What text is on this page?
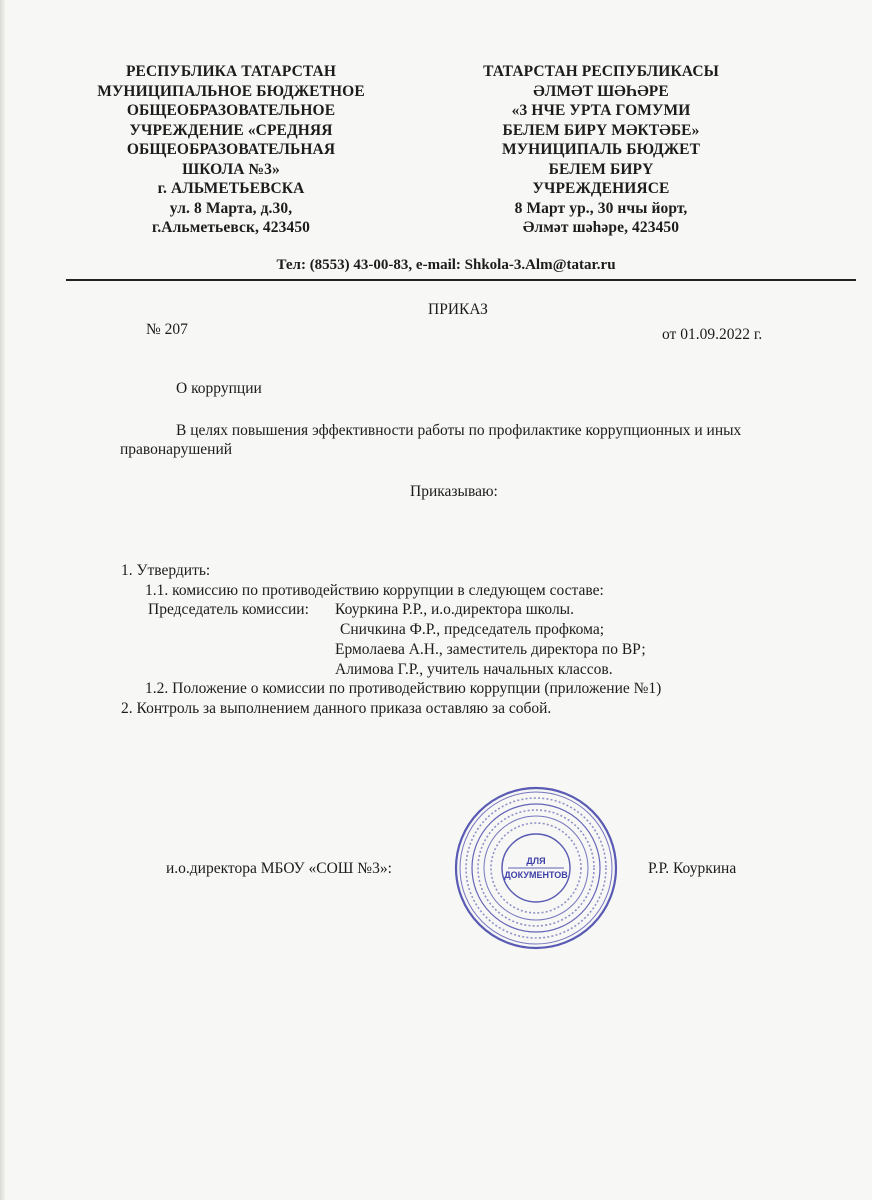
РЕСПУБЛИКА ТАТАРСТАН
МУНИЦИПАЛЬНОЕ БЮДЖЕТНОЕ
ОБЩЕОБРАЗОВАТЕЛЬНОЕ
УЧРЕЖДЕНИЕ «СРЕДНЯЯ
ОБЩЕОБРАЗОВАТЕЛЬНАЯ
ШКОЛА №3»
г. АЛЬМЕТЬЕВСКА
ул. 8 Марта, д.30,
г.Альметьевск, 423450
ТАТАРСТАН РЕСПУБЛИКАСЫ
ӘЛМӘТ ШӘҺӘРЕ
«3 НЧЕ УРТА ГОМУМИ
БЕЛЕМ БИРҮ МӘКТӘБЕ»
МУНИЦИПАЛЬ БЮДЖЕТ
БЕЛЕМ БИРҮ
УЧРЕЖДЕНИЯСЕ
8 Март ур., 30 нчы йорт,
Әлмәт шәһәре, 423450
Тел: (8553) 43-00-83, e-mail: Shkola-3.Alm@tatar.ru
ПРИКАЗ
№ 207	от 01.09.2022 г.
О коррупции
В целях повышения эффективности работы по профилактике коррупционных и иных
правонарушений
Приказываю:
1. Утвердить:
1.1. комиссию по противодействию коррупции в следующем составе:
Председатель комиссии: Коуркина Р.Р., и.о.директора школы.
Сничкина Ф.Р., председатель профкома;
Ермолаева А.Н., заместитель директора по ВР;
Алимова Г.Р., учитель начальных классов.
1.2. Положение о комиссии по противодействию коррупции (приложение №1)
2. Контроль за выполнением данного приказа оставляю за собой.
и.о.директора МБОУ «СОШ №3»:	Р.Р. Коуркина
ДЛЯ
ДОКУМЕНТОВ
